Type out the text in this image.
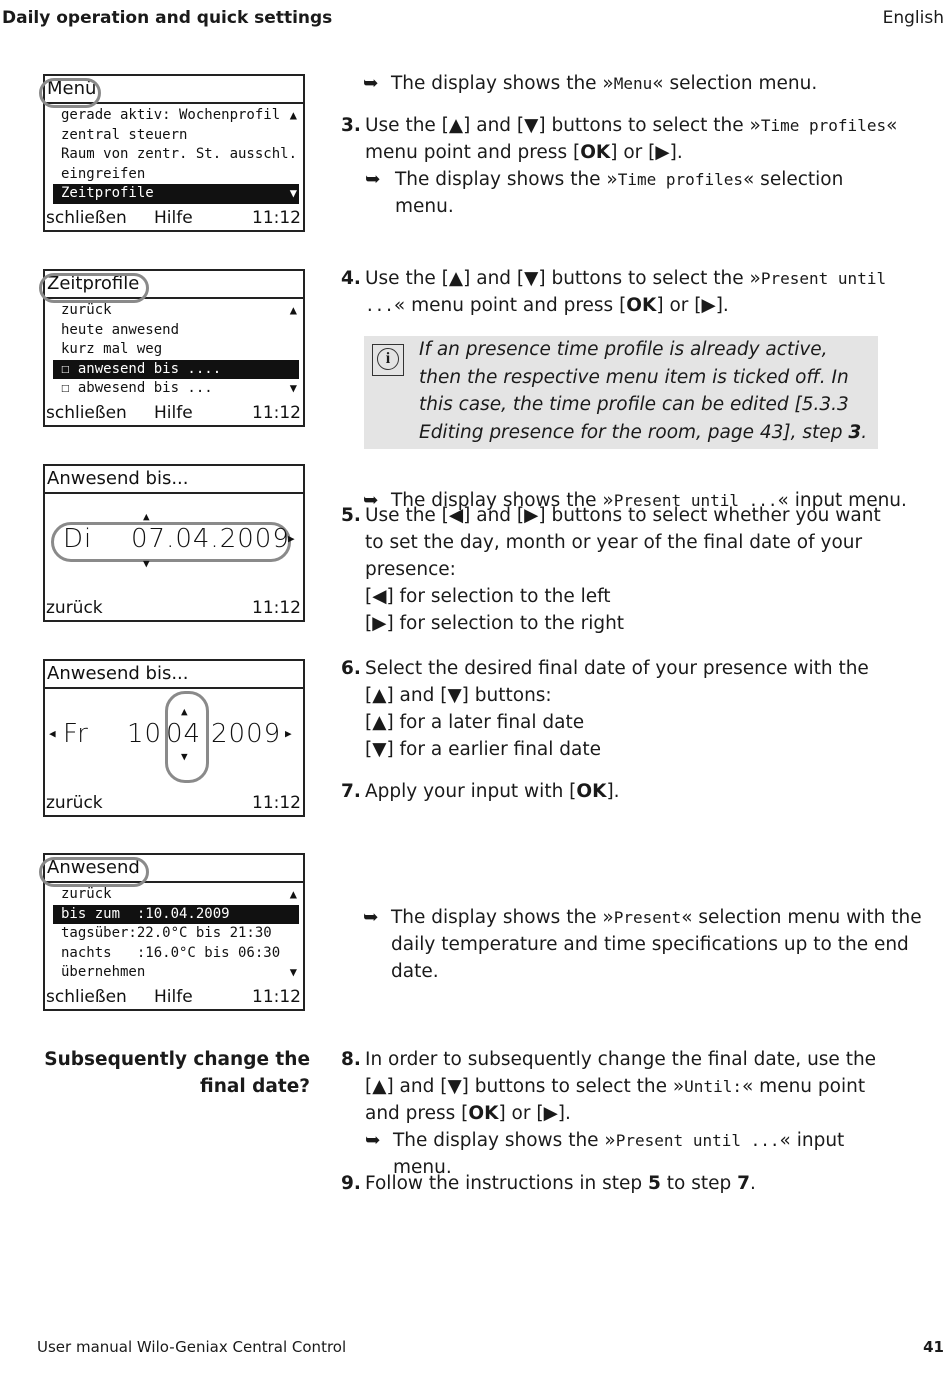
Daily operation and quick settings	English
Menü
gerade aktiv: Wochenprofil ▲
zentral steuern
Raum von zentr. St. ausschl.
eingreifen
Zeitprofile	▼
schließen Hilfe	11:12
Zeitprofile
zurück	▲
heute anwesend
kurz mal weg
☐ anwesend bis ....
☐ abwesend bis ...	▼
schließen Hilfe	11:12
Anwesend bis...
▲
Di 07.04.2009
▶
▼
zurück	11:12
Anwesend bis...
◀ Fr 10.
▲
04
▼
2009 ▶
zurück	11:12
Anwesend
zurück	▲
bis zum  :10.04.2009
tagsüber:22.0°C bis 21:30
nachts   :16.0°C bis 06:30
übernehmen	▼
schließen Hilfe	11:12
➥ The display shows the »Menu« selection menu.
3. Use the [▲] and [▼] buttons to select the »Time profiles« menu point and press [OK] or [▶].
➥ The display shows the »Time profiles« selection menu.
4. Use the [▲] and [▼] buttons to select the »Present until ...« menu point and press [OK] or [▶].
i	If an presence time profile is already active, then the respective menu item is ticked off. In this case, the time profile can be edited [5.3.3 Editing presence for the room, page 43], step 3.
➥ The display shows the »Present until ...« input menu.
5. Use the [◀] and [▶] buttons to select whether you want to set the day, month or year of the final date of your presence:
[◀] for selection to the left
[▶] for selection to the right
6. Select the desired final date of your presence with the [▲] and [▼] buttons:
[▲] for a later final date
[▼] for a earlier final date
7. Apply your input with [OK].
➥ The display shows the »Present« selection menu with the daily temperature and time specifications up to the end date.
Subsequently change the final date?
8. In order to subsequently change the final date, use the [▲] and [▼] buttons to select the »Until:« menu point and press [OK] or [▶].
➥ The display shows the »Present until ...« input menu.
9. Follow the instructions in step 5 to step 7.
User manual Wilo-Geniax Central Control	41
